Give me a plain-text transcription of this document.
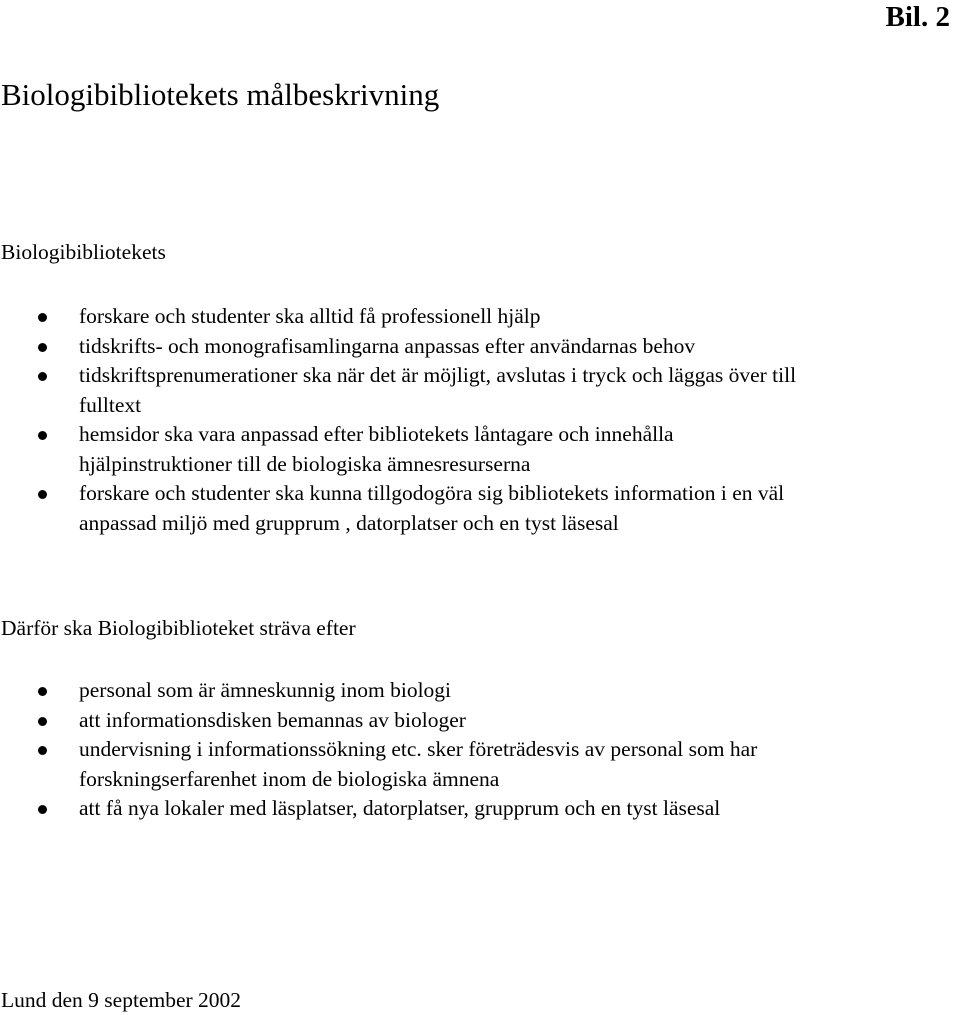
Bil. 2
Biologibibliotekets målbeskrivning
Biologibibliotekets
forskare och studenter ska alltid få professionell hjälp
tidskrifts- och monografisamlingarna anpassas efter användarnas behov
tidskriftsprenumerationer ska när det är möjligt, avslutas i tryck och läggas över till
fulltext
hemsidor ska vara anpassad efter bibliotekets låntagare och innehålla
hjälpinstruktioner till de biologiska ämnesresurserna
forskare och studenter ska kunna tillgodogöra sig bibliotekets information i en väl
anpassad miljö med grupprum , datorplatser och en tyst läsesal
Därför ska Biologibiblioteket sträva efter
personal som är ämneskunnig inom biologi
att informationsdisken bemannas av biologer
undervisning i informationssökning etc. sker företrädesvis av personal som har
forskningserfarenhet inom de biologiska ämnena
att få nya lokaler med läsplatser, datorplatser, grupprum och en tyst läsesal
Lund den 9 september 2002
